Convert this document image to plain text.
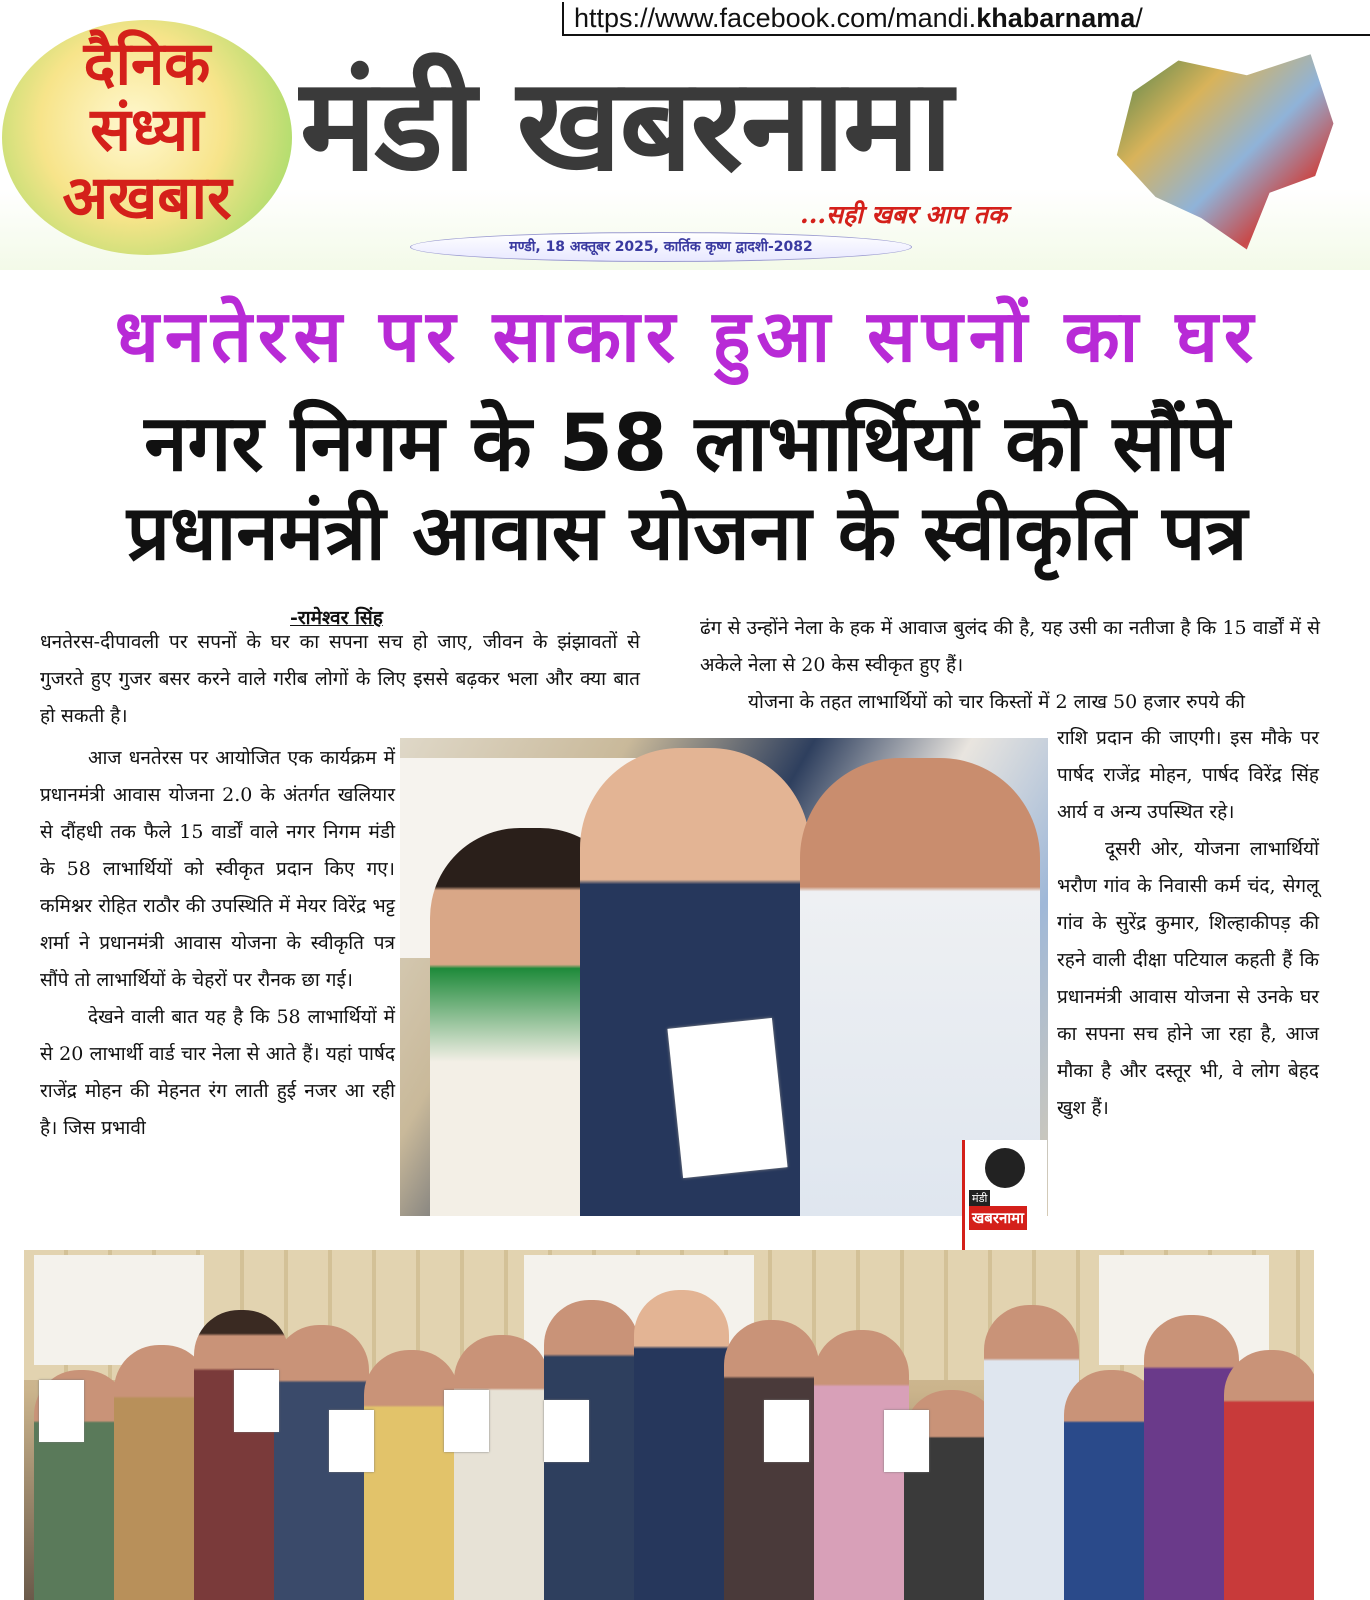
https://www.facebook.com/mandi.khabarnama/
दैनिक
संध्या
अखबार मंडी खबरनामा
...सही खबर आप तक
मण्डी, 18 अक्तूबर 2025, कार्तिक कृष्ण द्वादशी-2082
धनतेरस पर साकार हुआ सपनों का घर
नगर निगम के 58 लाभार्थियों को सौंपे
प्रधानमंत्री आवास योजना के स्वीकृति पत्र
-रामेश्वर सिंह

धनतेरस-दीपावली पर सपनों के घर का सपना सच हो जाए, जीवन के झंझावतों से गुजरते हुए गुजर बसर करने वाले गरीब लोगों के लिए इससे बढ़कर भला और क्या बात हो सकती है।

आज धनतेरस पर आयोजित एक कार्यक्रम में प्रधानमंत्री आवास योजना 2.0 के अंतर्गत खलियार से दौंहधी तक फैले 15 वार्डों वाले नगर निगम मंडी के 58 लाभार्थियों को स्वीकृत प्रदान किए गए। कमिश्नर रोहित राठौर की उपस्थिति में मेयर विरेंद्र भट्ट शर्मा ने प्रधानमंत्री आवास योजना के स्वीकृति पत्र सौंपे तो लाभार्थियों के चेहरों पर रौनक छा गई।

देखने वाली बात यह है कि 58 लाभार्थियों में से 20 लाभार्थी वार्ड चार नेला से आते हैं। यहां पार्षद राजेंद्र मोहन की मेहनत रंग लाती हुई नजर आ रही है। जिस प्रभावी

ढंग से उन्होंने नेला के हक में आवाज बुलंद की है, यह उसी का नतीजा है कि 15 वार्डों में से अकेले नेला से 20 केस स्वीकृत हुए हैं।

योजना के तहत लाभार्थियों को चार किस्तों में 2 लाख 50 हजार रुपये की

राशि प्रदान की जाएगी। इस मौके पर पार्षद राजेंद्र मोहन, पार्षद विरेंद्र सिंह आर्य व अन्य उपस्थित रहे।

दूसरी ओर, योजना लाभार्थियों भरौण गांव के निवासी कर्म चंद, सेगलू गांव के सुरेंद्र कुमार, शिल्हाकीपड़ की रहने वाली दीक्षा पटियाल कहती हैं कि प्रधानमंत्री आवास योजना से उनके घर का सपना सच होने जा रहा है, आज मौका है और दस्तूर भी, वे लोग बेहद खुश हैं।

मंडी
खबरनामा
